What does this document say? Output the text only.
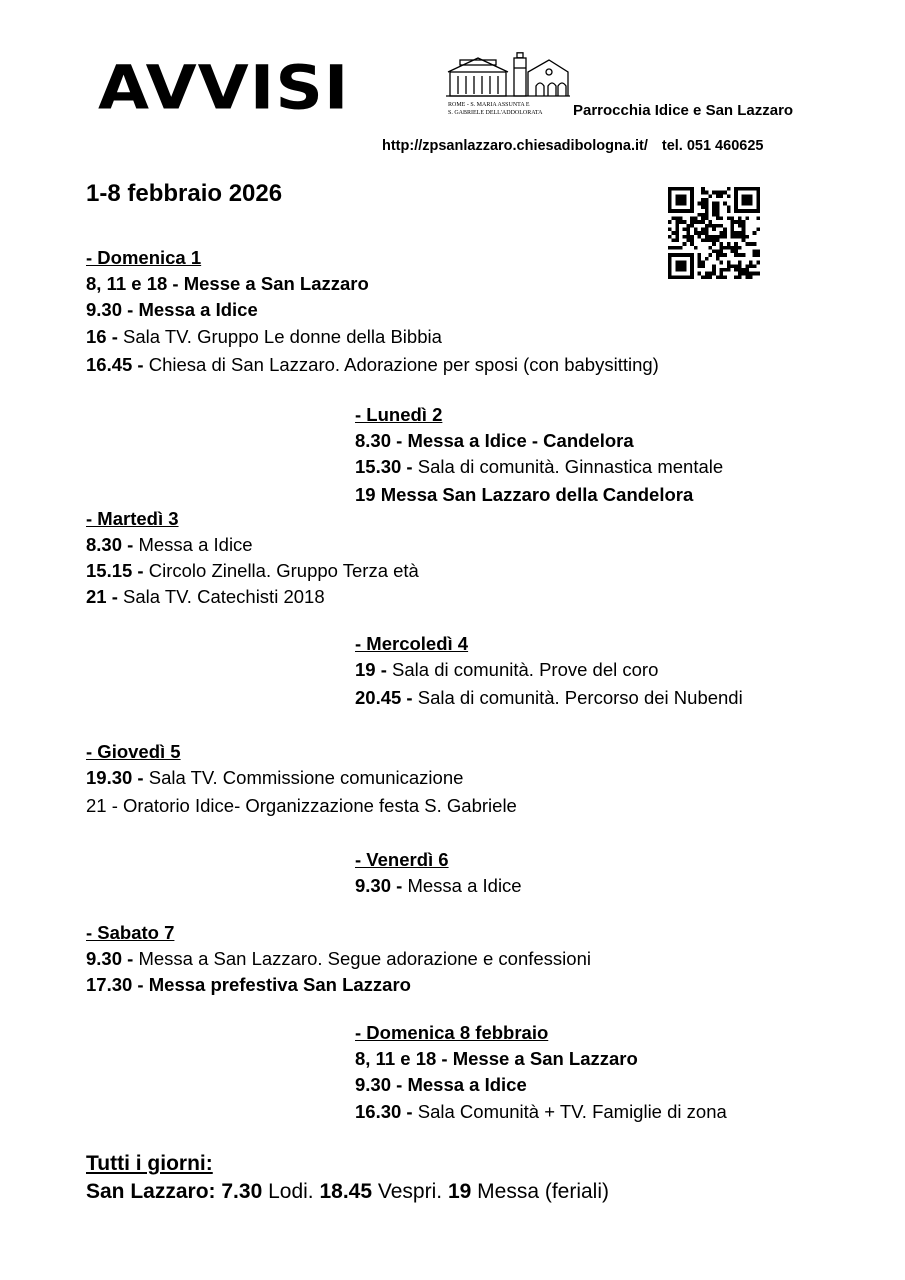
AVVISI	ROME - S. MARIA ASSUNTA E
S. GABRIELE DELL'ADDOLORATA Parrocchia Idice e San Lazzaro
http://zpsanlazzaro.chiesadibologna.it/ tel. 051 460625
1-8 febbraio 2026
- Domenica 1
8, 11 e 18 - Messe a San Lazzaro
9.30 - Messa a Idice
16 - Sala TV. Gruppo Le donne della Bibbia
16.45 - Chiesa di San Lazzaro. Adorazione per sposi (con babysitting)
- Lunedì 2
8.30 - Messa a Idice - Candelora
15.30 - Sala di comunità. Ginnastica mentale
19 Messa San Lazzaro della Candelora
- Martedì 3
8.30 - Messa a Idice
15.15 - Circolo Zinella. Gruppo Terza età
21 - Sala TV. Catechisti 2018
- Mercoledì 4
19 - Sala di comunità. Prove del coro
20.45 - Sala di comunità. Percorso dei Nubendi
- Giovedì 5
19.30 - Sala TV. Commissione comunicazione
21 - Oratorio Idice- Organizzazione festa S. Gabriele
- Venerdì 6
9.30 - Messa a Idice
- Sabato 7
9.30 - Messa a San Lazzaro. Segue adorazione e confessioni
17.30 - Messa prefestiva San Lazzaro
- Domenica 8 febbraio
8, 11 e 18 - Messe a San Lazzaro
9.30 - Messa a Idice
16.30 - Sala Comunità + TV. Famiglie di zona
Tutti i giorni:
San Lazzaro: 7.30 Lodi. 18.45 Vespri. 19 Messa (feriali)
